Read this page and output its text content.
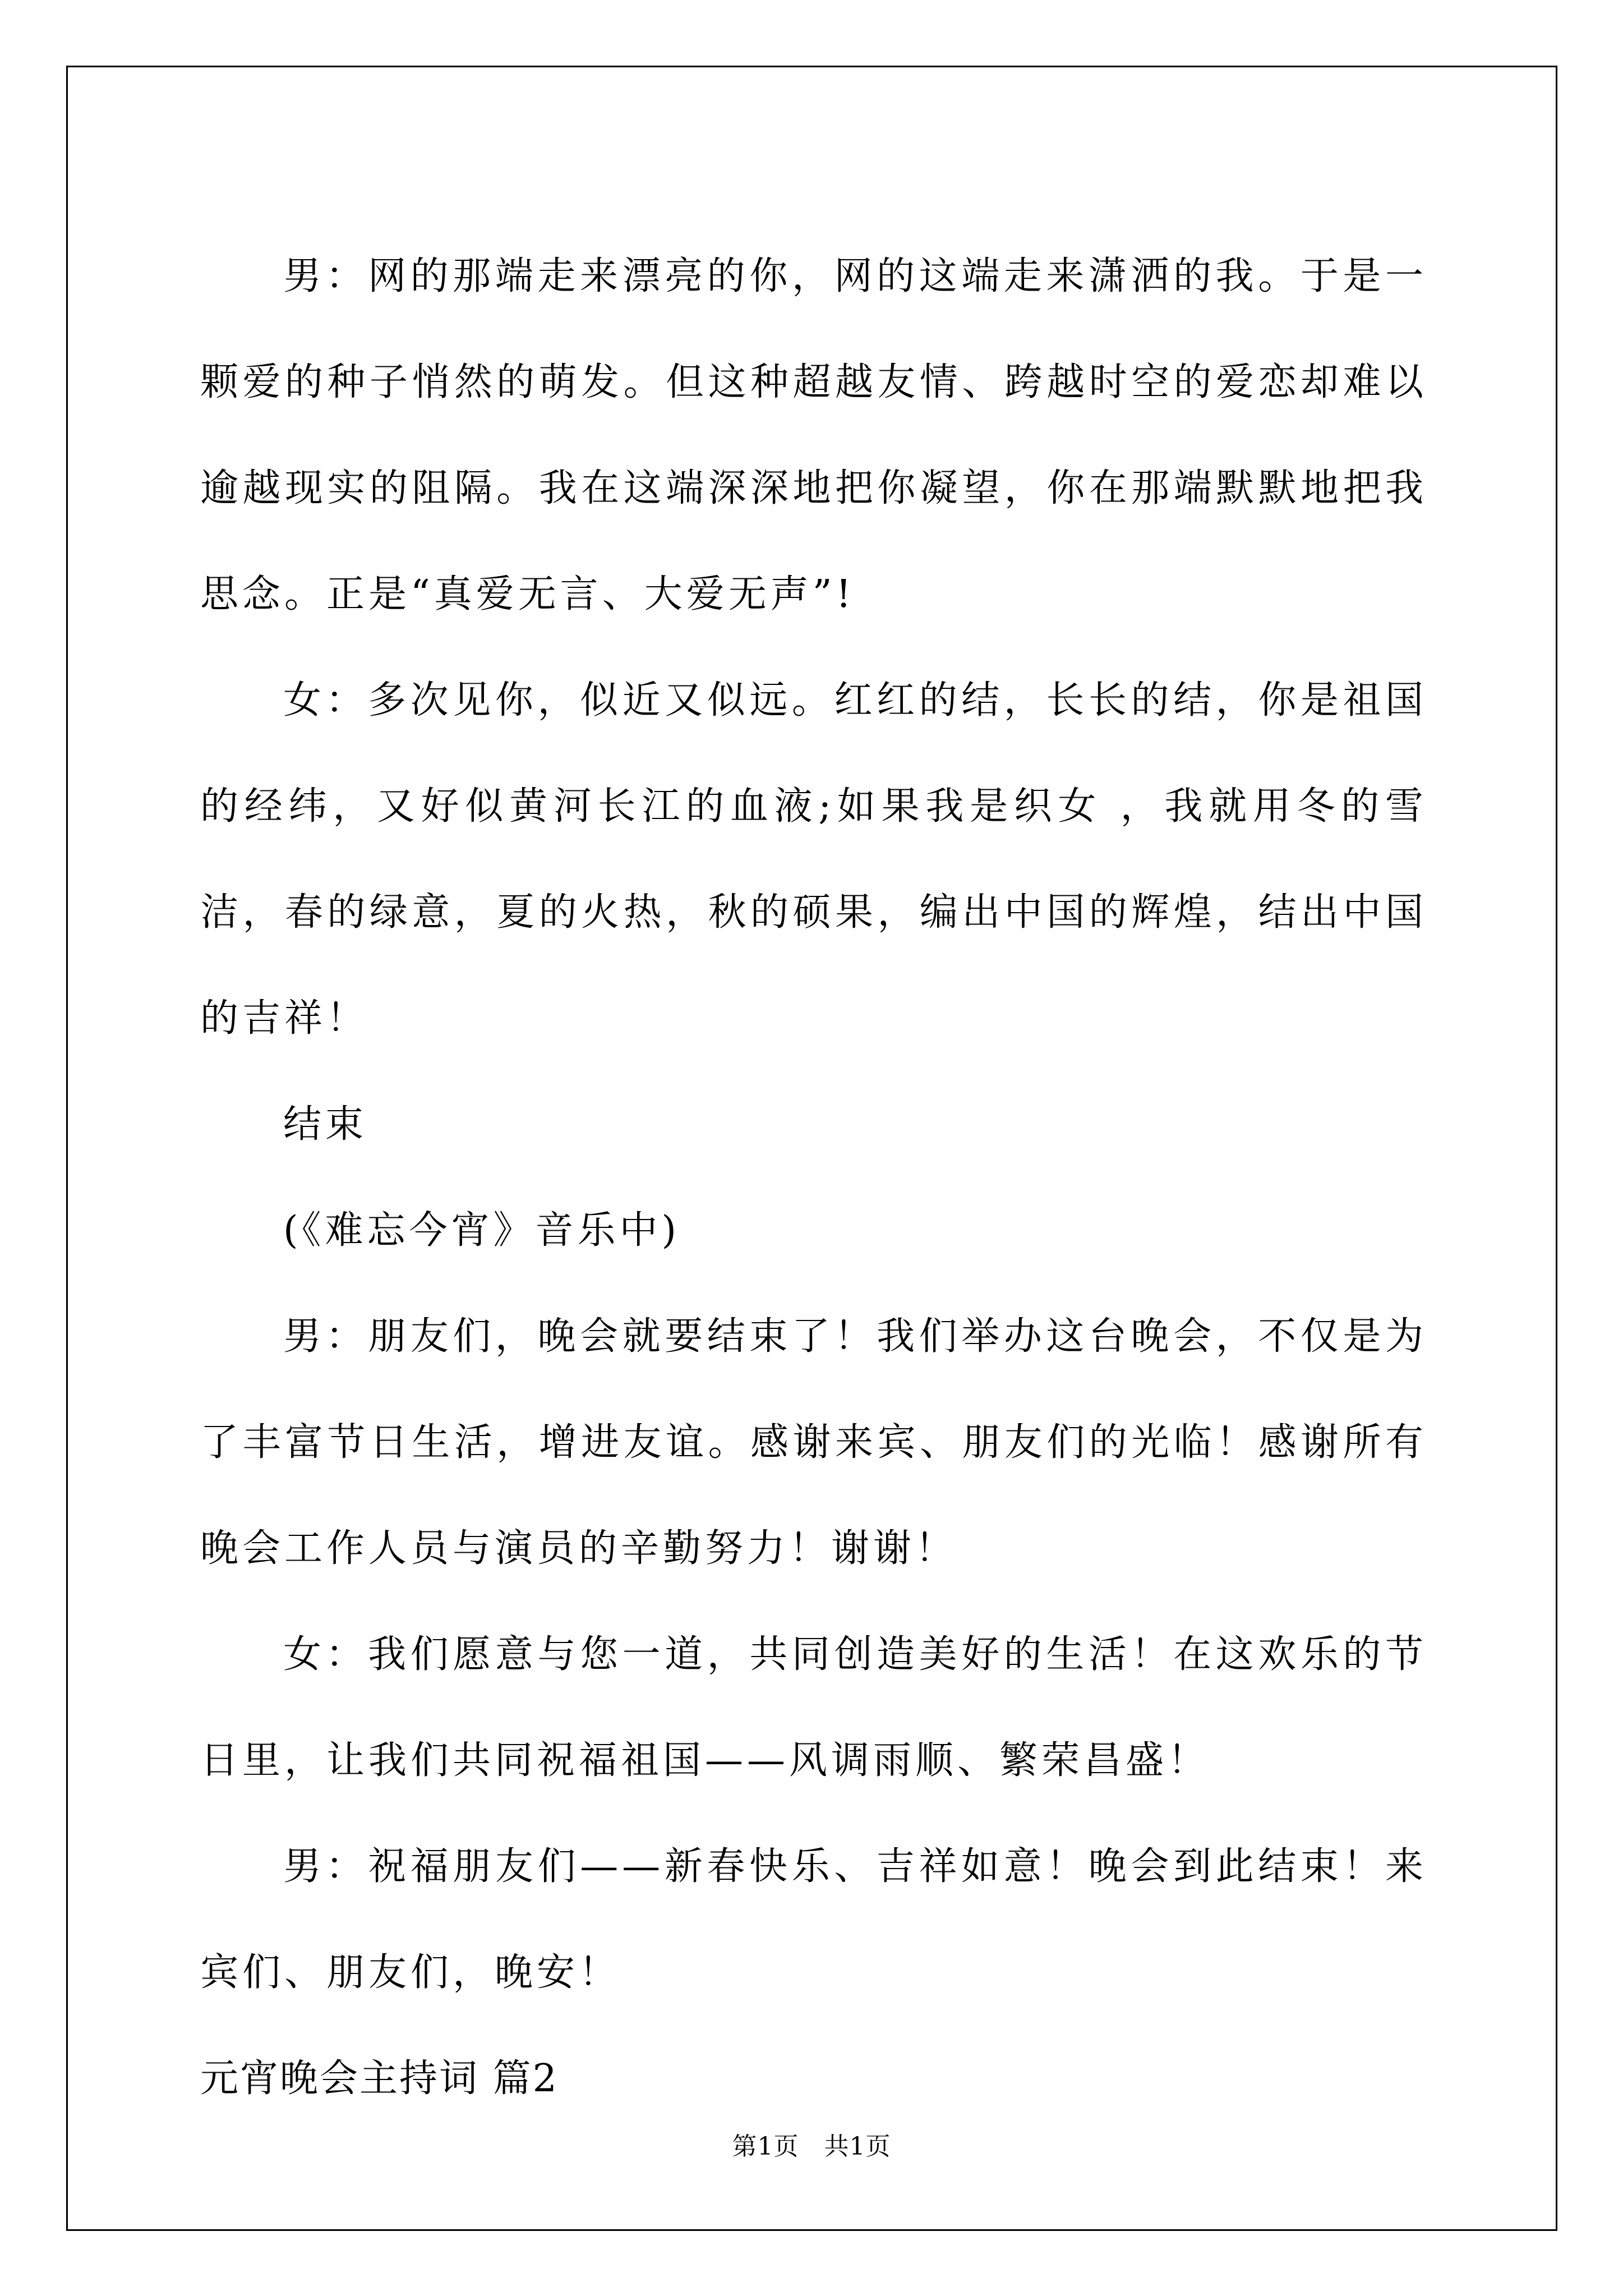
男：网的那端走来漂亮的你，网的这端走来潇洒的我。于是一颗爱的种子悄然的萌发。但这种超越友情、跨越时空的爱恋却难以逾越现实的阻隔。我在这端深深地把你凝望，你在那端默默地把我思念。正是“真爱无言、大爱无声”!

女：多次见你，似近又似远。红红的结，长长的结，你是祖国的经纬，又好似黄河长江的血液;如果我是织女 ，我就用冬的雪洁，春的绿意，夏的火热，秋的硕果，编出中国的辉煌，结出中国的吉祥！

结束

(《难忘今宵》音乐中)

男：朋友们，晚会就要结束了！我们举办这台晚会，不仅是为了丰富节日生活，增进友谊。感谢来宾、朋友们的光临！感谢所有晚会工作人员与演员的辛勤努力！谢谢！

女：我们愿意与您一道，共同创造美好的生活！在这欢乐的节日里，让我们共同祝福祖国——风调雨顺、繁荣昌盛！

男：祝福朋友们——新春快乐、吉祥如意！晚会到此结束！来宾们、朋友们，晚安！

元宵晚会主持词 篇2

第1页   共1页
